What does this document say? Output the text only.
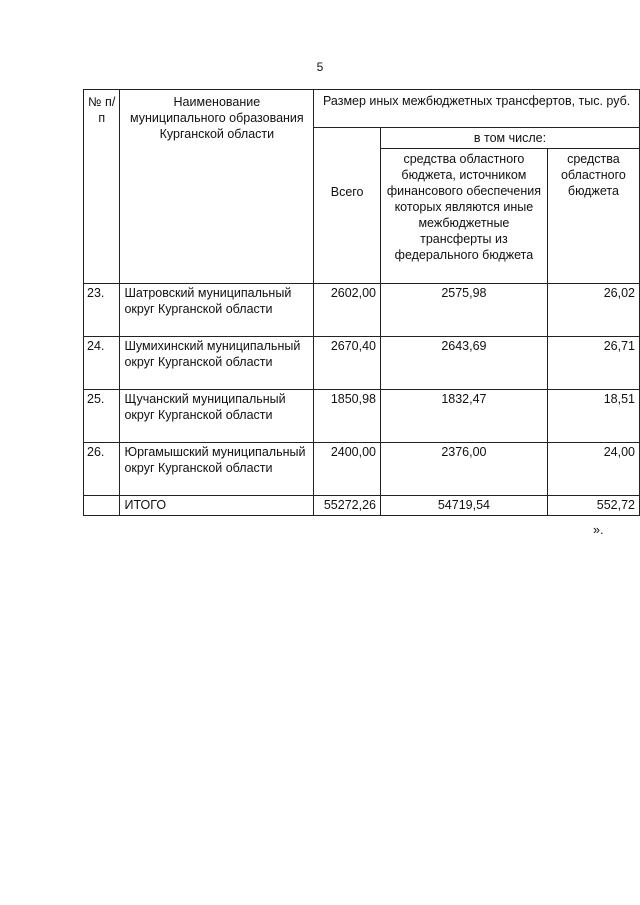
5
№ п/п	Наименование муниципального образования Курганской области	Размер иных межбюджетных трансфертов, тыс. руб.		
		Всего	в том числе:	
			средства областного бюджета, источником финансового обеспечения которых являются иные межбюджетные трансферты из федерального бюджета	средства областного бюджета
23.	Шатровский муниципальный округ Курганской области	2602,00	2575,98	26,02
24.	Шумихинский муниципальный округ Курганской области	2670,40	2643,69	26,71
25.	Щучанский муниципальный округ Курганской области	1850,98	1832,47	18,51
26.	Юргамышский муниципальный округ Курганской области	2400,00	2376,00	24,00
	ИТОГО	55272,26	54719,54	552,72
».
